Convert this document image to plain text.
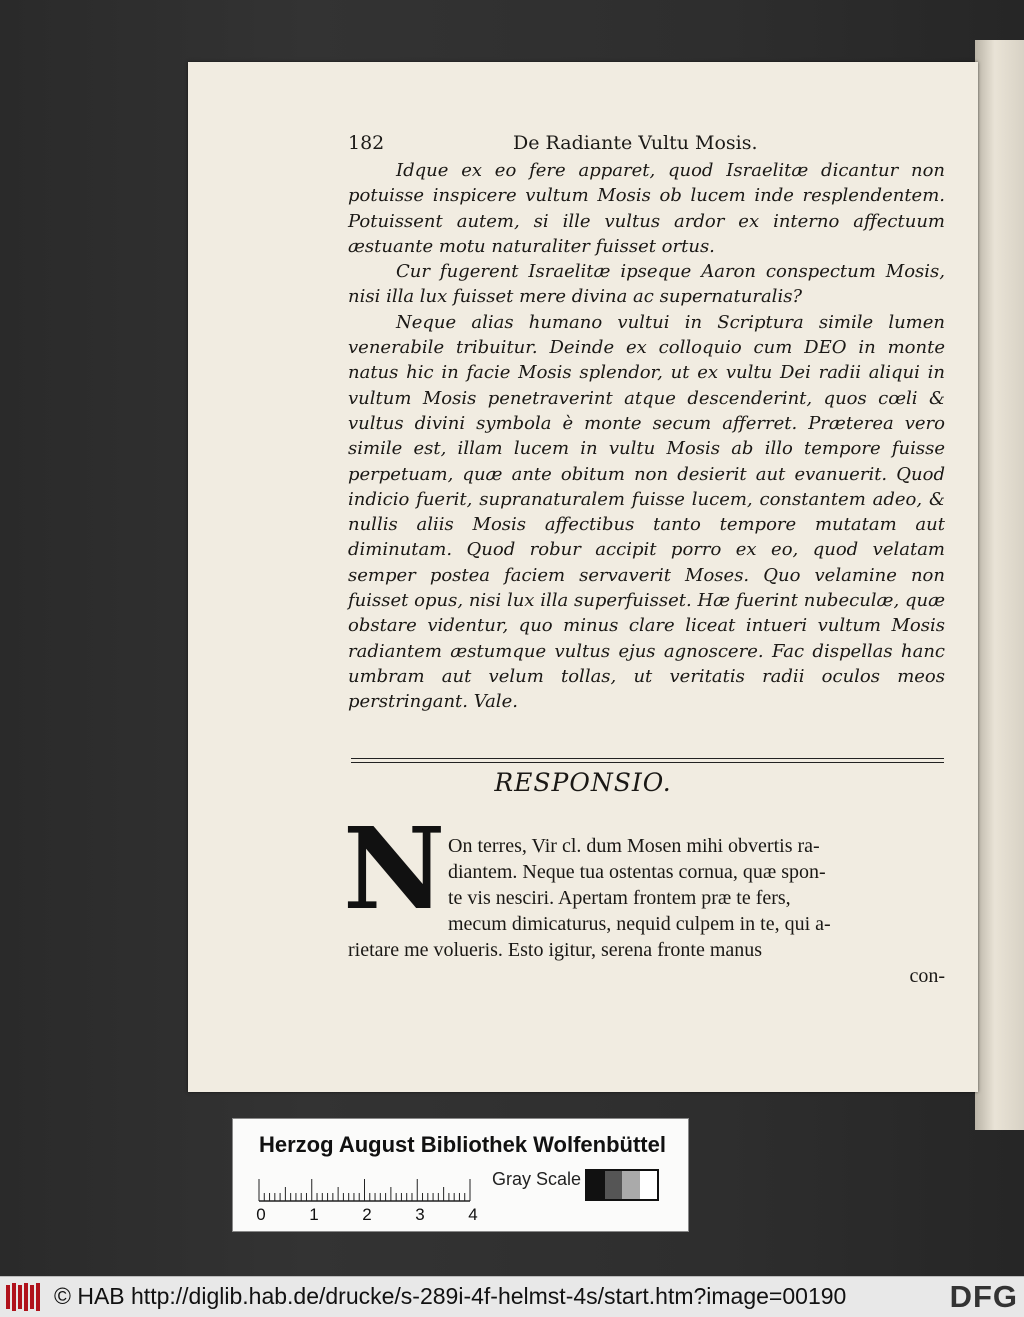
182	De Radiante Vultu Mosis.

Idque ex eo fere apparet, quod Israelitæ dicantur non potuisse inspicere vultum Mosis ob lucem inde resplendentem. Potuissent autem, si ille vultus ardor ex interno affectuum æstuante motu naturaliter fuisset ortus.

Cur fugerent Israelitæ ipseque Aaron conspectum Mosis, nisi illa lux fuisset mere divina ac supernaturalis?

Neque alias humano vultui in Scriptura simile lumen venerabile tribuitur. Deinde ex colloquio cum DEO in monte natus hic in facie Mosis splendor, ut ex vultu Dei radii aliqui in vultum Mosis penetraverint atque descenderint, quos cœli & vultus divini symbola è monte secum afferret. Præterea vero simile est, illam lucem in vultu Mosis ab illo tempore fuisse perpetuam, quæ ante obitum non desierit aut evanuerit. Quod indicio fuerit, supranaturalem fuisse lucem, constantem adeo, & nullis aliis Mosis affectibus tanto tempore mutatam aut diminutam. Quod robur accipit porro ex eo, quod velatam semper postea faciem servaverit Moses. Quo velamine non fuisset opus, nisi lux illa superfuisset. Hæ fuerint nubeculæ, quæ obstare videntur, quo minus clare liceat intueri vultum Mosis radiantem æstumque vultus ejus agnoscere. Fac dispellas hanc umbram aut velum tollas, ut veritatis radii oculos meos perstringant. Vale.

RESPONSIO.
N On terres, Vir cl. dum Mosen mihi obvertis ra-
diantem. Neque tua ostentas cornua, quæ spon-
te vis nesciri. Apertam frontem præ te fers,
mecum dimicaturus, nequid culpem in te, qui a-
rietare me volueris. Esto igitur, serena fronte manus
con-
Herzog August Bibliothek Wolfenbüttel
0	1	2	3	4
Gray Scale
© HAB http://diglib.hab.de/drucke/s-289i-4f-helmst-4s/start.htm?image=00190	DFG
